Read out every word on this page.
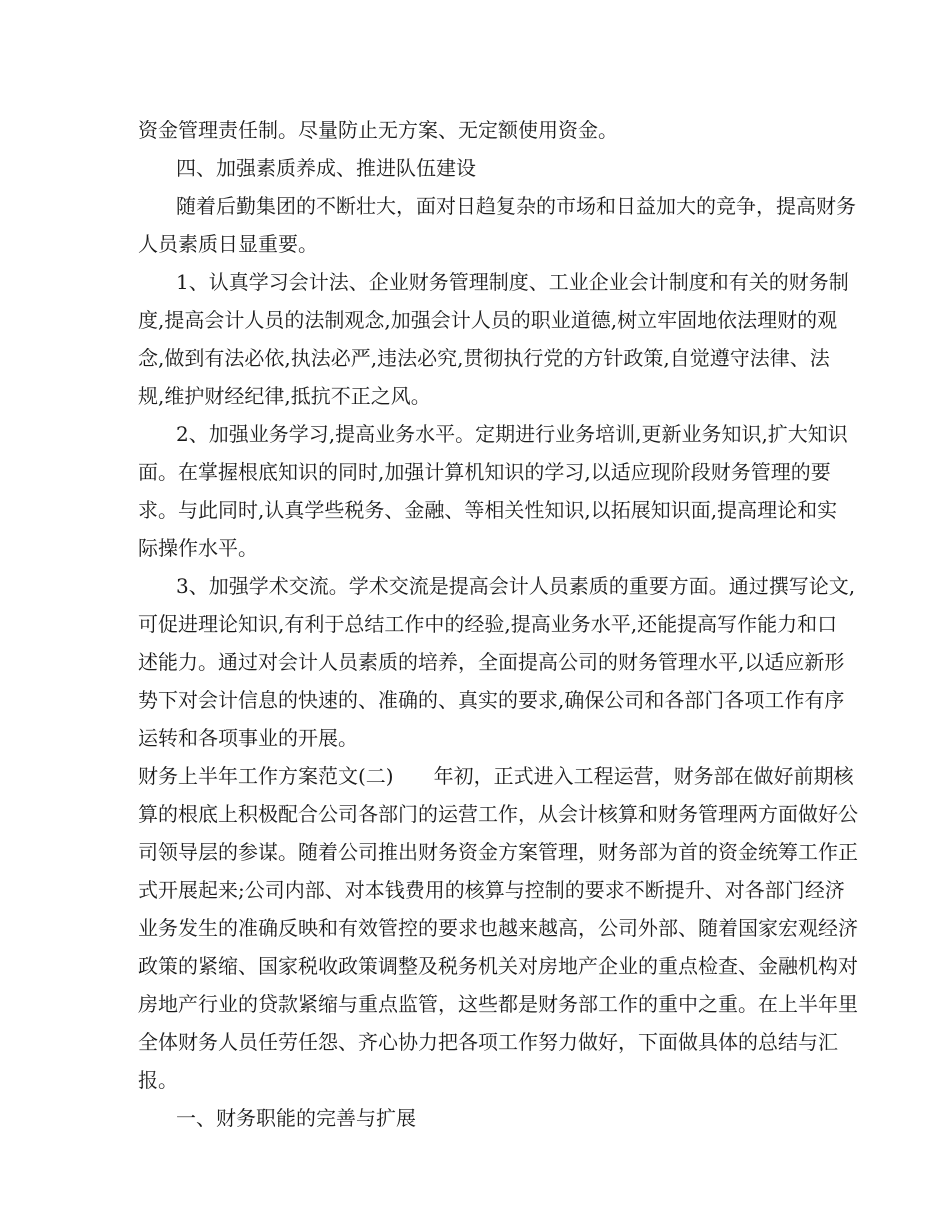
资金管理责任制。尽量防止无方案、无定额使用资金。
四、加强素质养成、推进队伍建设
随着后勤集团的不断壮大，面对日趋复杂的市场和日益加大的竞争，提高财务
人员素质日显重要。
1、认真学习会计法、企业财务管理制度、工业企业会计制度和有关的财务制
度,提高会计人员的法制观念,加强会计人员的职业道德,树立牢固地依法理财的观
念,做到有法必依,执法必严,违法必究,贯彻执行党的方针政策,自觉遵守法律、法
规,维护财经纪律,抵抗不正之风。
2、加强业务学习,提高业务水平。定期进行业务培训,更新业务知识,扩大知识
面。在掌握根底知识的同时,加强计算机知识的学习,以适应现阶段财务管理的要
求。与此同时,认真学些税务、金融、等相关性知识,以拓展知识面,提高理论和实
际操作水平。
3、加强学术交流。学术交流是提高会计人员素质的重要方面。通过撰写论文,
可促进理论知识,有利于总结工作中的经验,提高业务水平,还能提高写作能力和口
述能力。通过对会计人员素质的培养，全面提高公司的财务管理水平,以适应新形
势下对会计信息的快速的、准确的、真实的要求,确保公司和各部门各项工作有序
运转和各项事业的开展。
财务上半年工作方案范文(二) 年初，正式进入工程运营，财务部在做好前期核
算的根底上积极配合公司各部门的运营工作，从会计核算和财务管理两方面做好公
司领导层的参谋。随着公司推出财务资金方案管理，财务部为首的资金统筹工作正
式开展起来;公司内部、对本钱费用的核算与控制的要求不断提升、对各部门经济
业务发生的准确反映和有效管控的要求也越来越高，公司外部、随着国家宏观经济
政策的紧缩、国家税收政策调整及税务机关对房地产企业的重点检查、金融机构对
房地产行业的贷款紧缩与重点监管，这些都是财务部工作的重中之重。在上半年里
全体财务人员任劳任怨、齐心协力把各项工作努力做好，下面做具体的总结与汇
报。
一、财务职能的完善与扩展
